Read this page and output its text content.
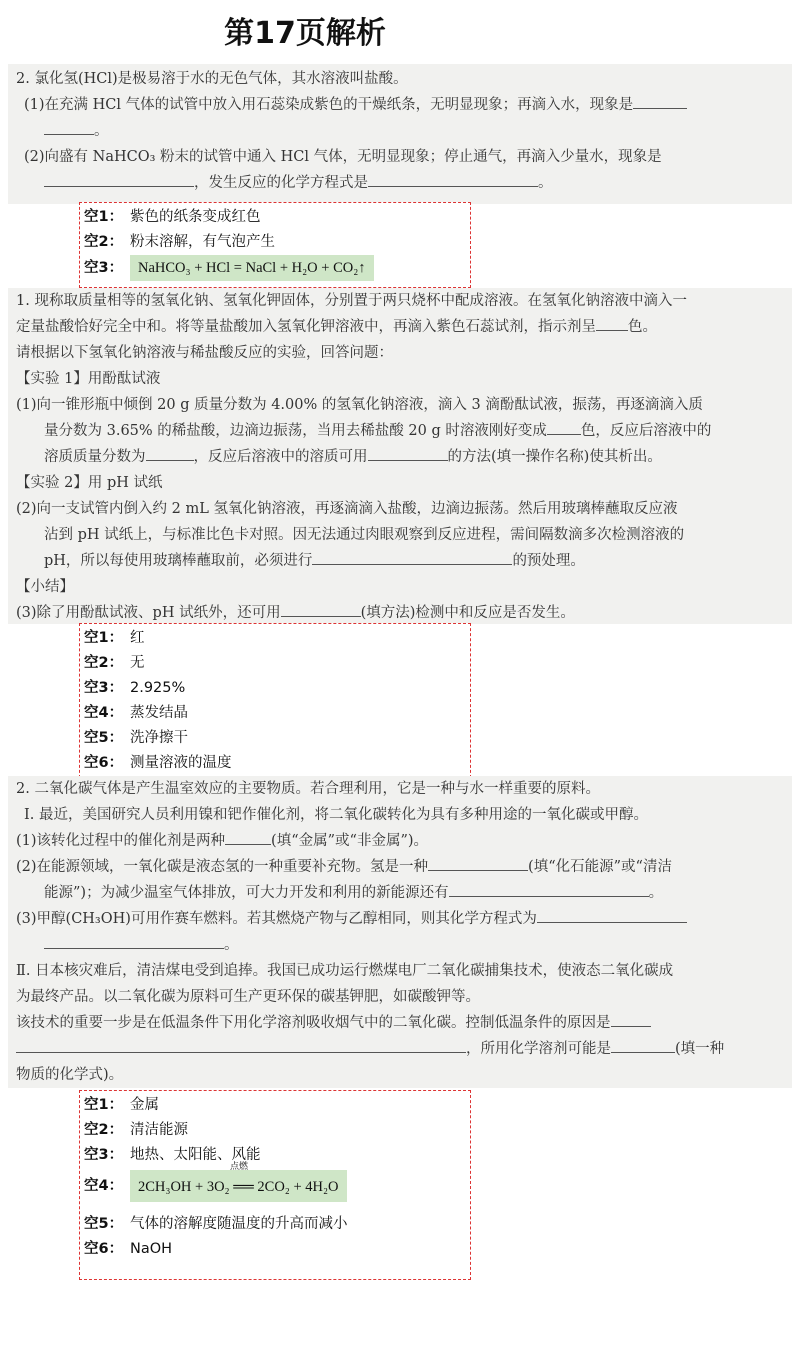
第17页解析

2. 氯化氢(HCl)是极易溶于水的无色气体，其水溶液叫盐酸。

(1)在充满 HCl 气体的试管中放入用石蕊染成紫色的干燥纸条，无明显现象；再滴入水，现象是

。

(2)向盛有 NaHCO₃ 粉末的试管中通入 HCl 气体，无明显现象；停止通气，再滴入少量水，现象是

，发生反应的化学方程式是	。

空1： 紫色的纸条变成红色
空2： 粉末溶解，有气泡产生
空3： NaHCO₃ + HCl = NaCl + H₂O + CO₂↑

1. 现称取质量相等的氢氧化钠、氢氧化钾固体，分别置于两只烧杯中配成溶液。在氢氧化钠溶液中滴入一

定量盐酸恰好完全中和。将等量盐酸加入氢氧化钾溶液中，再滴入紫色石蕊试剂，指示剂呈 色。

请根据以下氢氧化钠溶液与稀盐酸反应的实验，回答问题：

【实验 1】用酚酞试液

(1)向一锥形瓶中倾倒 20 g 质量分数为 4.00% 的氢氧化钠溶液，滴入 3 滴酚酞试液，振荡，再逐滴滴入质

量分数为 3.65% 的稀盐酸，边滴边振荡，当用去稀盐酸 20 g 时溶液刚好变成 色，反应后溶液中的

溶质质量分数为	，反应后溶液中的溶质可用	的方法(填一操作名称)使其析出。

【实验 2】用 pH 试纸

(2)向一支试管内倒入约 2 mL 氢氧化钠溶液，再逐滴滴入盐酸，边滴边振荡。然后用玻璃棒蘸取反应液

沾到 pH 试纸上，与标准比色卡对照。因无法通过肉眼观察到反应进程，需间隔数滴多次检测溶液的

pH，所以每使用玻璃棒蘸取前，必须进行	的预处理。

【小结】

(3)除了用酚酞试液、pH 试纸外，还可用	(填方法)检测中和反应是否发生。

空1： 红
空2： 无
空3： 2.925%
空4： 蒸发结晶
空5： 洗净擦干
空6： 测量溶液的温度

2. 二氧化碳气体是产生温室效应的主要物质。若合理利用，它是一种与水一样重要的原料。

Ⅰ. 最近，美国研究人员利用镍和钯作催化剂，将二氧化碳转化为具有多种用途的一氧化碳或甲醇。

(1)该转化过程中的催化剂是两种	(填“金属”或“非金属”)。

(2)在能源领域，一氧化碳是液态氢的一种重要补充物。氢是一种	(填“化石能源”或“清洁

能源”)；为减少温室气体排放，可大力开发和利用的新能源还有	。

(3)甲醇(CH₃OH)可用作赛车燃料。若其燃烧产物与乙醇相同，则其化学方程式为

。

Ⅱ. 日本核灾难后，清洁煤电受到追捧。我国已成功运行燃煤电厂二氧化碳捕集技术，使液态二氧化碳成

为最终产品。以二氧化碳为原料可生产更环保的碳基钾肥，如碳酸钾等。

该技术的重要一步是在低温条件下用化学溶剂吸收烟气中的二氧化碳。控制低温条件的原因是

，所用化学溶剂可能是	(填一种

物质的化学式)。

空1： 金属
空2： 清洁能源
空3： 地热、太阳能、风能
空4： 2CH₃OH + 3O₂ ══ 2CO₂ + 4H₂O
点燃
空5： 气体的溶解度随温度的升高而减小
空6： NaOH
